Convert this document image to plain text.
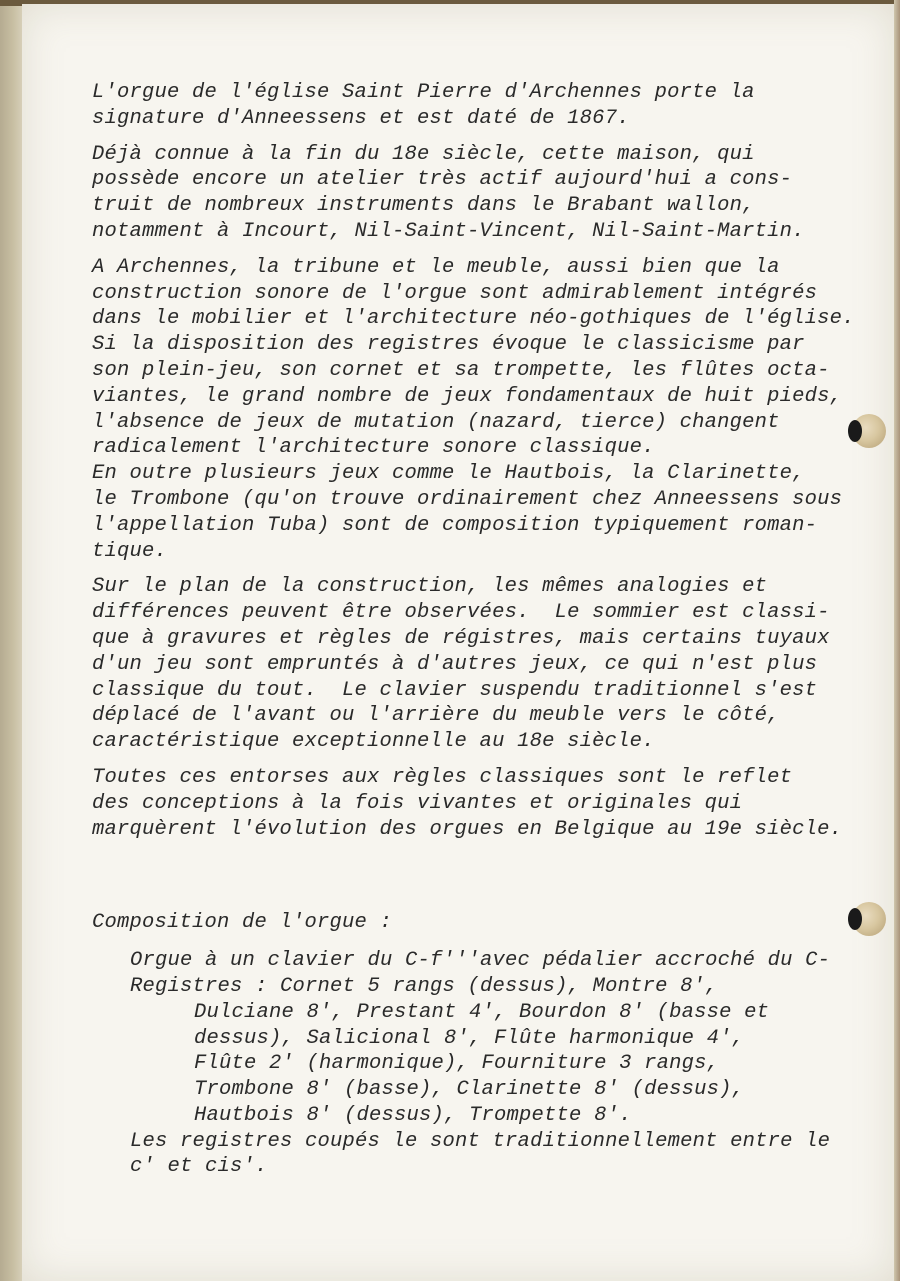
L'orgue de l'église Saint Pierre d'Archennes porte la
signature d'Anneessens et est daté de 1867.
Déjà connue à la fin du 18e siècle, cette maison, qui
possède encore un atelier très actif aujourd'hui a cons-
truit de nombreux instruments dans le Brabant wallon,
notamment à Incourt, Nil-Saint-Vincent, Nil-Saint-Martin.
A Archennes, la tribune et le meuble, aussi bien que la
construction sonore de l'orgue sont admirablement intégrés
dans le mobilier et l'architecture néo-gothiques de l'église.
Si la disposition des registres évoque le classicisme par
son plein-jeu, son cornet et sa trompette, les flûtes octa-
viantes, le grand nombre de jeux fondamentaux de huit pieds,
l'absence de jeux de mutation (nazard, tierce) changent
radicalement l'architecture sonore classique.
En outre plusieurs jeux comme le Hautbois, la Clarinette,
le Trombone (qu'on trouve ordinairement chez Anneessens sous
l'appellation Tuba) sont de composition typiquement roman-
tique.
Sur le plan de la construction, les mêmes analogies et
différences peuvent être observées.  Le sommier est classi-
que à gravures et règles de régistres, mais certains tuyaux
d'un jeu sont empruntés à d'autres jeux, ce qui n'est plus
classique du tout.  Le clavier suspendu traditionnel s'est
déplacé de l'avant ou l'arrière du meuble vers le côté,
caractéristique exceptionnelle au 18e siècle.
Toutes ces entorses aux règles classiques sont le reflet
des conceptions à la fois vivantes et originales qui
marquèrent l'évolution des orgues en Belgique au 19e siècle.
Composition de l'orgue :
Orgue à un clavier du C-f'''avec pédalier accroché du C-
Registres : Cornet 5 rangs (dessus), Montre 8',
Dulciane 8', Prestant 4', Bourdon 8' (basse et
dessus), Salicional 8', Flûte harmonique 4',
Flûte 2' (harmonique), Fourniture 3 rangs,
Trombone 8' (basse), Clarinette 8' (dessus),
Hautbois 8' (dessus), Trompette 8'.
Les registres coupés le sont traditionnellement entre le
c' et cis'.
